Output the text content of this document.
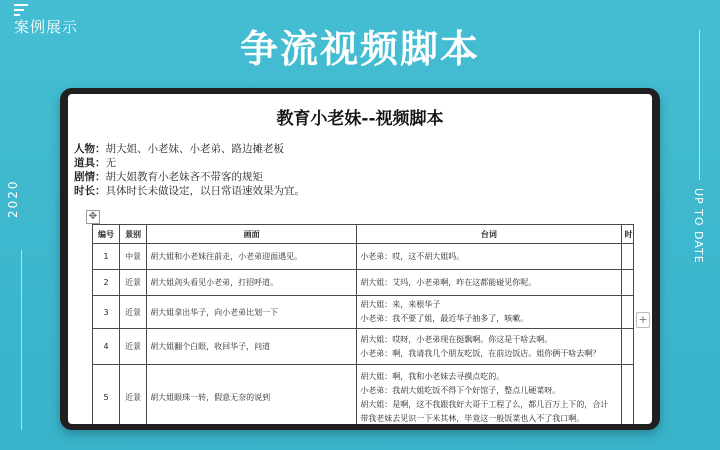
案例展示	争流视频脚本
2020	UP TO DATE
教育小老妹--视频脚本
人物：胡大姐、小老妹、小老弟、路边摊老板
道具：无
剧情：胡大姐教育小老妹吝不带客的规矩
时长：具体时长未做设定，以日常语速效果为宜。
✥
编号	景别	画面	台词	时
1	中景	胡大姐和小老妹往前走，小老弟迎面遇见。	小老弟：哎，这不胡大姐吗。	

2	近景	胡大姐剑头看见小老弟，打招呼道。	胡大姐：艾玛，小老弟啊，咋在这都能碰见你呢。	

3	近景	胡大姐拿出华子，向小老弟比划一下	胡大姐：来，来根华子
小老弟：我不要了姐，最近华子抽多了，咳嗽。	

4	近景	胡大姐翻个白眼，收回华子，问道	胡大姐：哎呀，小老弟现在挺飘啊。你这是干啥去啊。
小老弟：啊，我请我几个朋友吃饭，在前边饭店。姐你俩干啥去啊？	

5	近景	胡大姐眼珠一转，假意无奈的说到	胡大姐：啊，我和小老妹去寻摸点吃的。
小老弟：我胡大姐吃饭不得下个好馆子，整点儿硬菜呀。
胡大姐：是啊，这不我跟我好大哥干工程了么，都几百万上下的，合计
带我老妹去见识一下米其林，毕竟这一般饭菜也入不了我口啊。	

+
